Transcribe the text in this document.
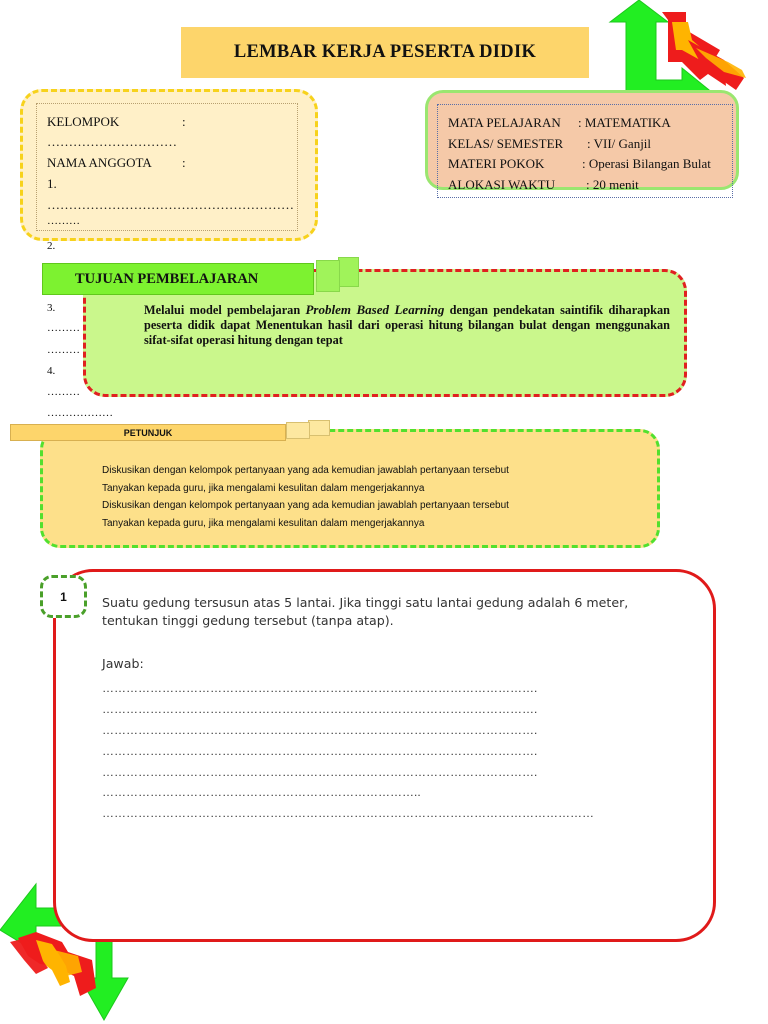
LEMBAR KERJA PESERTA DIDIK
KELOMPOK	:
…………………………
NAMA ANGGOTA :
1.
…………………………………………………
………
2.
3.
………
………
4.
………
………………
MATA PELAJARAN : MATEMATIKA
KELAS/ SEMESTER : VII/ Ganjil
MATERI POKOK	: Operasi Bilangan Bulat
ALOKASI WAKTU : 20 menit
TUJUAN PEMBELAJARAN
Melalui model pembelajaran Problem Based Learning dengan pendekatan saintifik diharapkan peserta didik dapat Menentukan hasil dari operasi hitung bilangan bulat dengan menggunakan sifat-sifat operasi hitung dengan tepat
PETUNJUK
Diskusikan dengan kelompok pertanyaan yang ada kemudian jawablah pertanyaan tersebut
Tanyakan kepada guru, jika mengalami kesulitan dalam mengerjakannya
Diskusikan dengan kelompok pertanyaan yang ada kemudian jawablah pertanyaan tersebut
Tanyakan kepada guru, jika mengalami kesulitan dalam mengerjakannya
1	Suatu gedung tersusun atas 5 lantai. Jika tinggi satu lantai gedung adalah 6 meter, tentukan tinggi gedung tersebut (tanpa atap).
Jawab:
……………………………………………………………………………………………….
……………………………………………………………………………………………….
……………………………………………………………………………………………….
……………………………………………………………………………………………….
……………………………………………………………………………………………….
……………………………………………………………………..
……………………………………………………………………………………………………………
